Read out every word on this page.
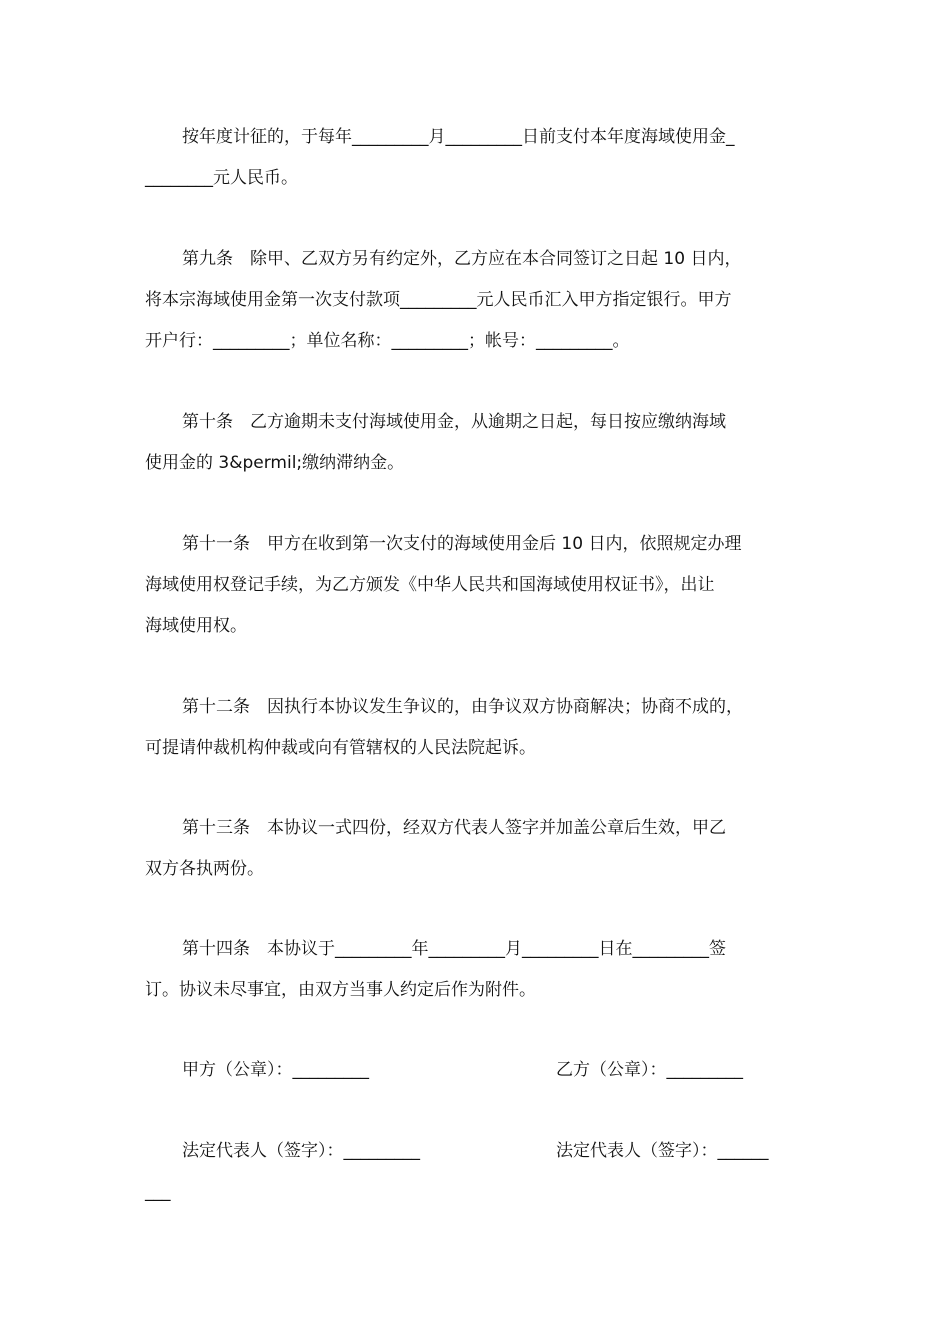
按年度计征的，于每年_________月_________日前支付本年度海域使用金_
________元人民币。
第九条　除甲、乙双方另有约定外，乙方应在本合同签订之日起 10 日内，
将本宗海域使用金第一次支付款项_________元人民币汇入甲方指定银行。甲方
开户行：_________；单位名称：_________；帐号：_________。
第十条　乙方逾期未支付海域使用金，从逾期之日起，每日按应缴纳海域
使用金的 3&permil;缴纳滞纳金。
第十一条　甲方在收到第一次支付的海域使用金后 10 日内，依照规定办理
海域使用权登记手续，为乙方颁发《中华人民共和国海域使用权证书》，出让
海域使用权。
第十二条　因执行本协议发生争议的，由争议双方协商解决；协商不成的，
可提请仲裁机构仲裁或向有管辖权的人民法院起诉。
第十三条　本协议一式四份，经双方代表人签字并加盖公章后生效，甲乙
双方各执两份。
第十四条　本协议于_________年_________月_________日在_________签
订。协议未尽事宜，由双方当事人约定后作为附件。
甲方（公章）：_________	乙方（公章）：_________
法定代表人（签字）：_________	法定代表人（签字）：______
___
